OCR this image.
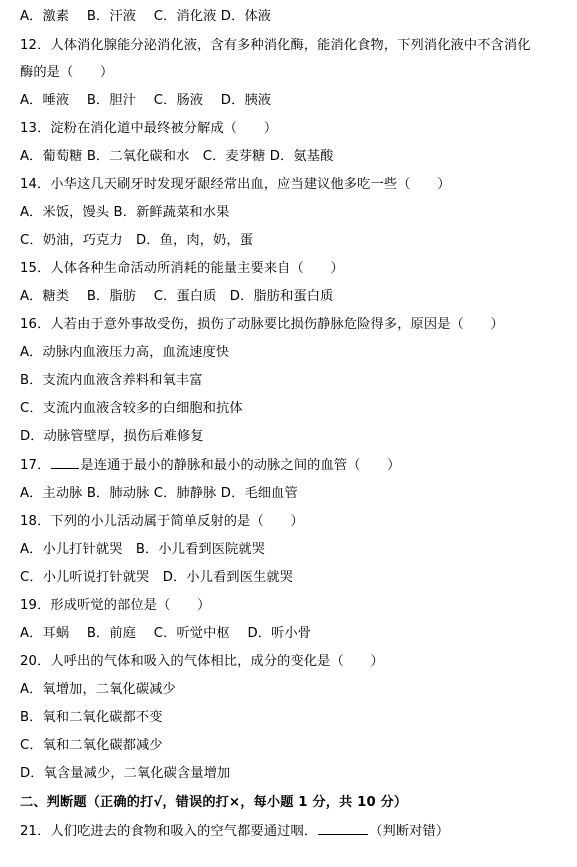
A．激素　 B．汗液　 C．消化液 D．体液
12．人体消化腺能分泌消化液，含有多种消化酶，能消化食物，下列消化液中不含消化
酶的是（　　）
A．唾液　 B．胆汁　 C．肠液　 D．胰液
13．淀粉在消化道中最终被分解成（　　）
A．葡萄糖 B．二氧化碳和水　C．麦芽糖 D．氨基酸
14．小华这几天刷牙时发现牙龈经常出血，应当建议他多吃一些（　　）
A．米饭，馒头 B．新鲜蔬菜和水果
C．奶油，巧克力　D．鱼，肉，奶，蛋
15．人体各种生命活动所消耗的能量主要来自（　　）
A．糖类　 B．脂肪　 C．蛋白质　D．脂肪和蛋白质
16．人若由于意外事故受伤，损伤了动脉要比损伤静脉危险得多，原因是（　　）
A．动脉内血液压力高，血流速度快
B．支流内血液含养料和氧丰富
C．支流内血液含较多的白细胞和抗体
D．动脉管壁厚，损伤后难修复
17． 是连通于最小的静脉和最小的动脉之间的血管（　　）
A．主动脉 B．肺动脉 C．肺静脉 D．毛细血管
18．下列的小儿活动属于简单反射的是（　　）
A．小儿打针就哭　B．小儿看到医院就哭
C．小儿听说打针就哭　D．小儿看到医生就哭
19．形成听觉的部位是（　　）
A．耳蜗　 B．前庭　 C．听觉中枢　 D．听小骨
20．人呼出的气体和吸入的气体相比，成分的变化是（　　）
A．氧增加，二氧化碳减少
B．氧和二氧化碳都不变
C．氧和二氧化碳都减少
D．氧含量减少，二氧化碳含量增加
二、判断题（正确的打√，错误的打×，每小题 1 分，共 10 分）
21．人们吃进去的食物和吸入的空气都要通过咽．	（判断对错）
